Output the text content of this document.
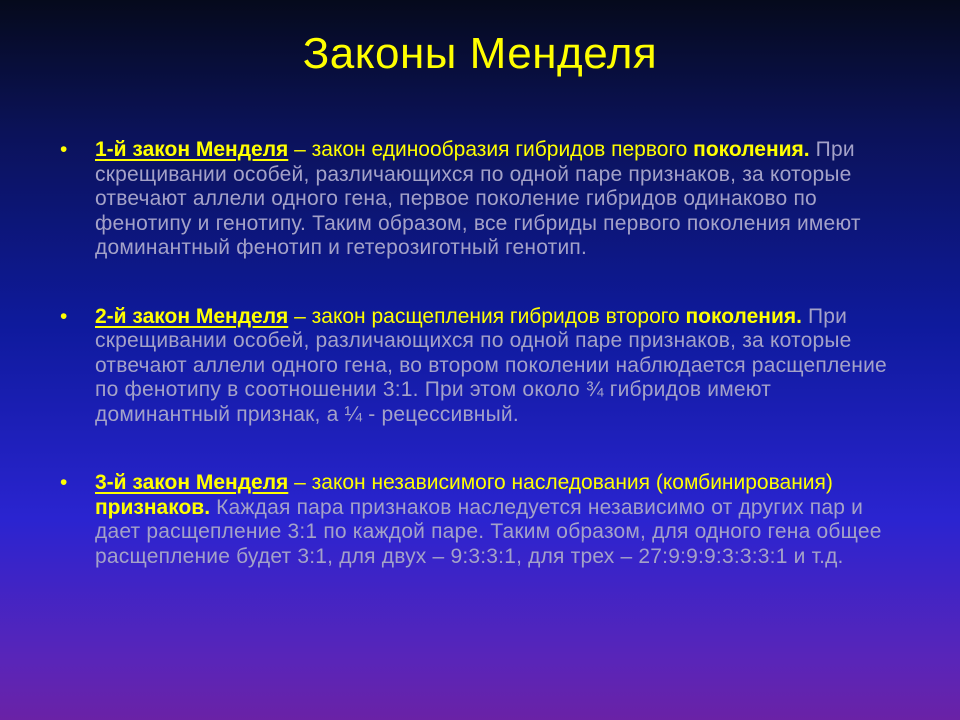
Законы Менделя

• 1-й закон Менделя – закон единообразия гибридов первого поколения. При скрещивании особей, различающихся по одной паре признаков, за которые отвечают аллели одного гена, первое поколение гибридов одинаково по фенотипу и генотипу. Таким образом, все гибриды первого поколения имеют доминантный фенотип и гетерозиготный генотип.

• 2-й закон Менделя – закон расщепления гибридов второго поколения. При скрещивании особей, различающихся по одной паре признаков, за которые отвечают аллели одного гена, во втором поколении наблюдается расщепление по фенотипу в соотношении 3:1. При этом около ¾ гибридов имеют доминантный признак, а ¼ - рецессивный.

• 3-й закон Менделя – закон независимого наследования (комбинирования) признаков. Каждая пара признаков наследуется независимо от других пар и дает расщепление 3:1 по каждой паре. Таким образом, для одного гена общее расщепление будет 3:1, для двух – 9:3:3:1, для трех – 27:9:9:9:3:3:3:1 и т.д.
